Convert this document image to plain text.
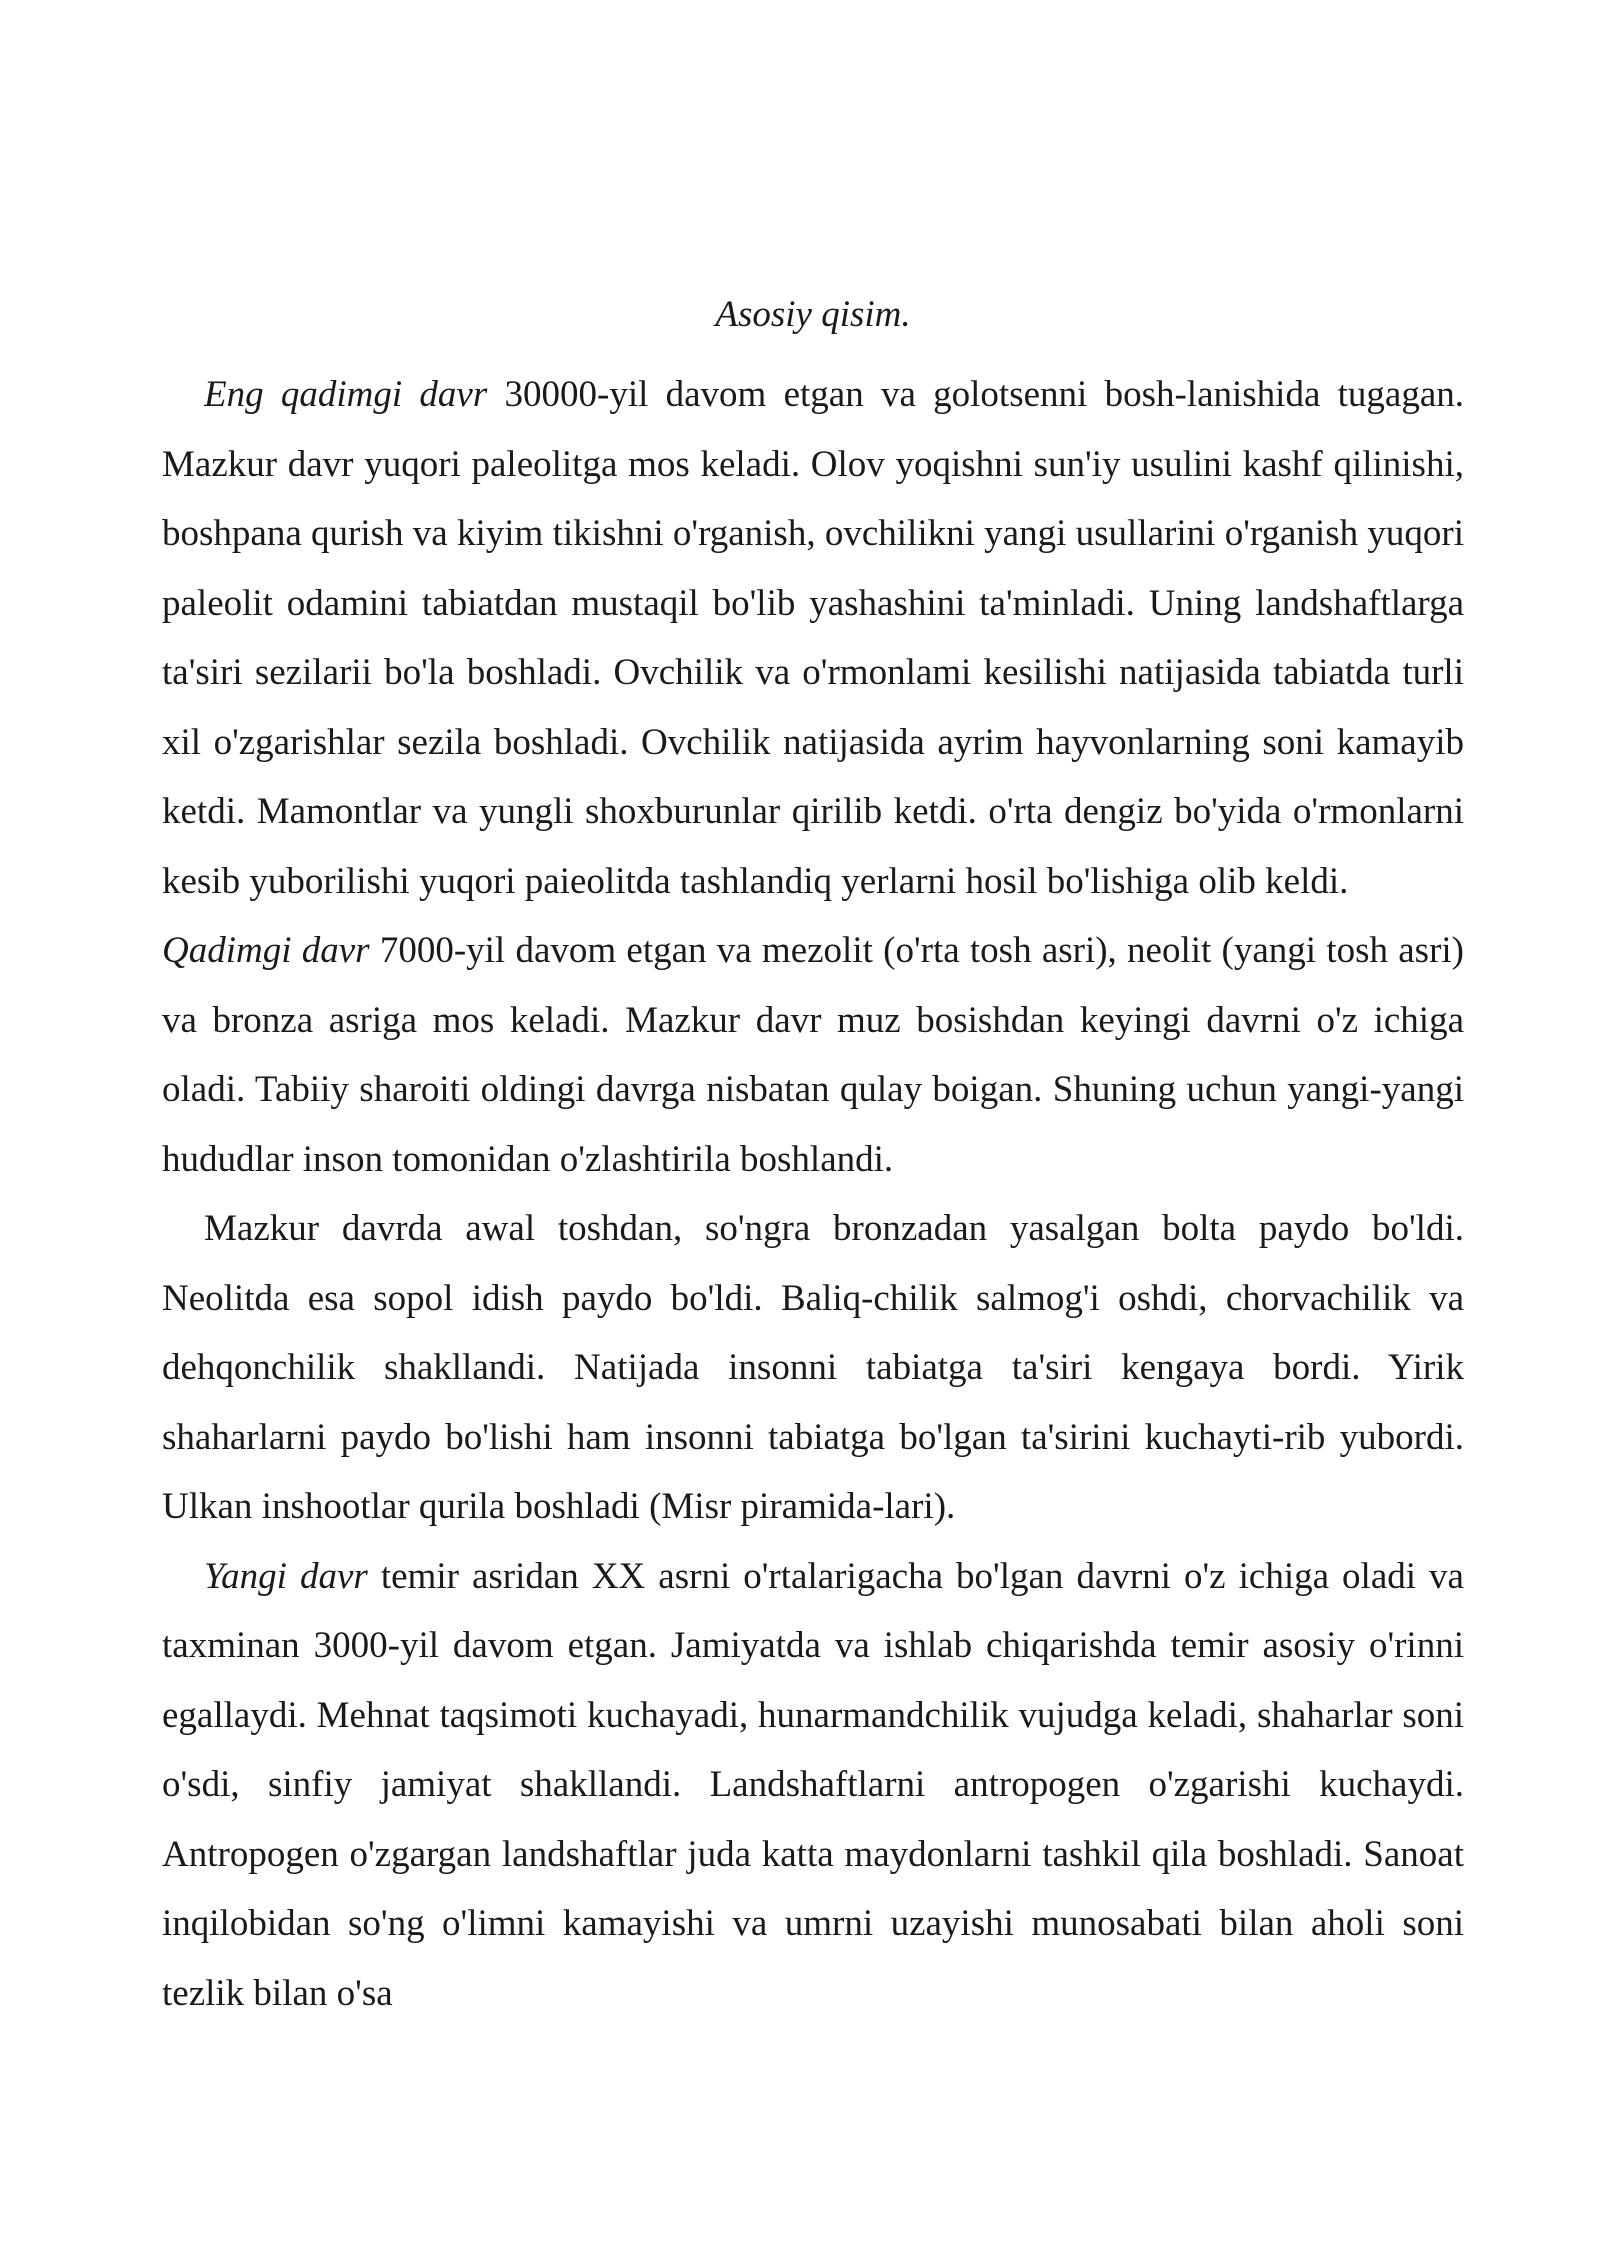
Asosiy qisim.

Eng qadimgi davr 30000-yil davom etgan va golotsenni bosh-lanishida tugagan. Mazkur davr yuqori paleolitga mos keladi. Olov yoqishni sun'iy usulini kashf qilinishi, boshpana qurish va kiyim tikishni o'rganish, ovchilikni yangi usullarini o'rganish yuqori paleolit odamini tabiatdan mustaqil bo'lib yashashini ta'minladi. Uning landshaftlarga ta'siri sezilarii bo'la boshladi. Ovchilik va o'rmonlami kesilishi natijasida tabiatda turli xil o'zgarishlar sezila boshladi. Ovchilik natijasida ayrim hayvonlarning soni kamayib ketdi. Mamontlar va yungli shoxburunlar qirilib ketdi. o'rta dengiz bo'yida o'rmonlarni kesib yuborilishi yuqori paieolitda tashlandiq yerlarni hosil bo'lishiga olib keldi.

Qadimgi davr 7000-yil davom etgan va mezolit (o'rta tosh asri), neolit (yangi tosh asri) va bronza asriga mos keladi. Mazkur davr muz bosishdan keyingi davrni o'z ichiga oladi. Tabiiy sharoiti oldingi davrga nisbatan qulay boigan. Shuning uchun yangi-yangi hududlar inson tomonidan o'zlashtirila boshlandi.

Mazkur davrda awal toshdan, so'ngra bronzadan yasalgan bolta paydo bo'ldi. Neolitda esa sopol idish paydo bo'ldi. Baliq-chilik salmog'i oshdi, chorvachilik va dehqonchilik shakllandi. Natijada insonni tabiatga ta'siri kengaya bordi. Yirik shaharlarni paydo bo'lishi ham insonni tabiatga bo'lgan ta'sirini kuchayti-rib yubordi. Ulkan inshootlar qurila boshladi (Misr piramida-lari).

Yangi davr temir asridan XX asrni o'rtalarigacha bo'lgan davrni o'z ichiga oladi va taxminan 3000-yil davom etgan. Jamiyatda va ishlab chiqarishda temir asosiy o'rinni egallaydi. Mehnat taqsimoti kuchayadi, hunarmandchilik vujudga keladi, shaharlar soni o'sdi, sinfiy jamiyat shakllandi. Landshaftlarni antropogen o'zgarishi kuchaydi. Antropogen o'zgargan landshaftlar juda katta maydonlarni tashkil qila boshladi. Sanoat inqilobidan so'ng o'limni kamayishi va umrni uzayishi munosabati bilan aholi soni tezlik bilan o'sa
